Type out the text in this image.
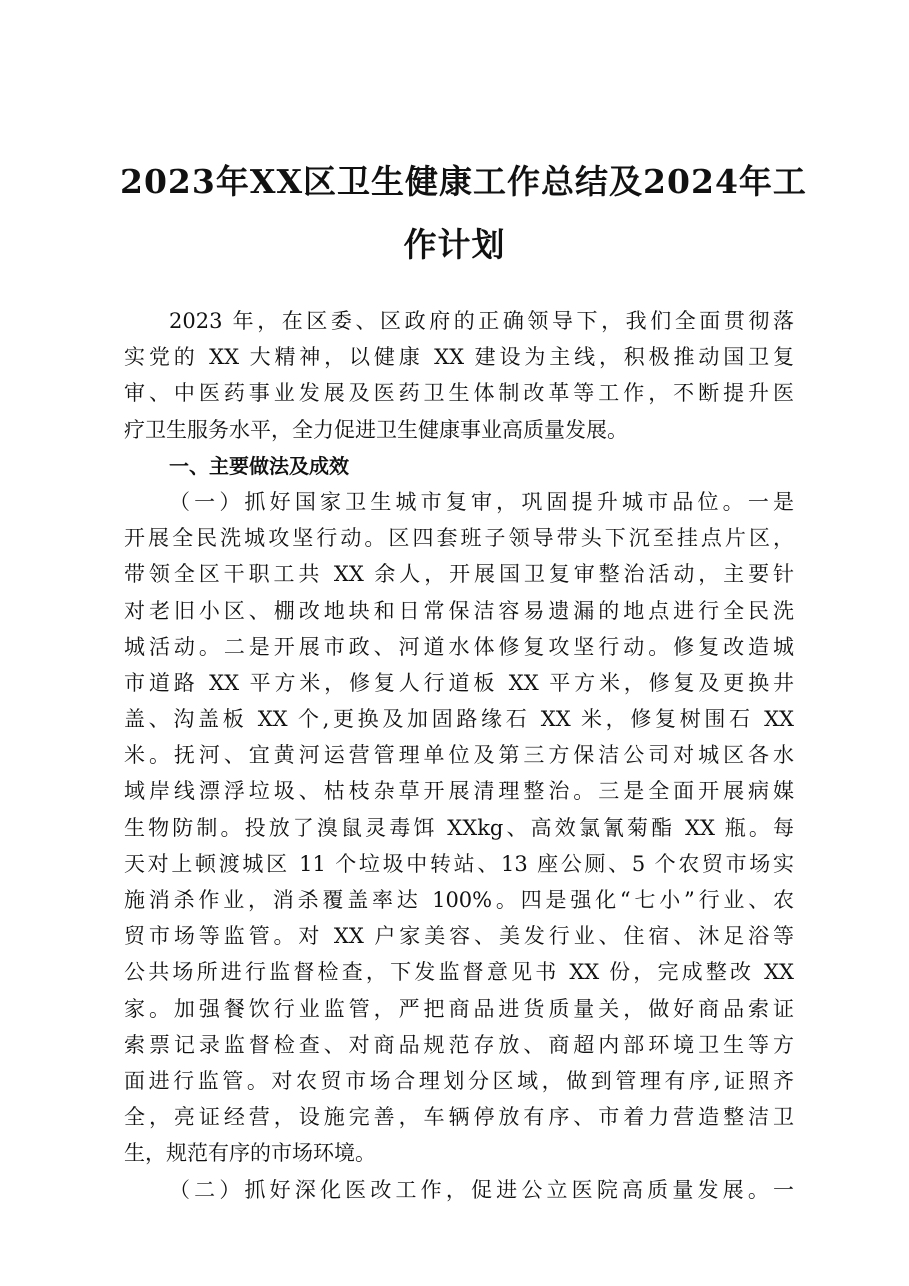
2023年XX区卫生健康工作总结及2024年工
作计划
2023 年，在区委、区政府的正确领导下，我们全面贯彻落
实党的 XX 大精神，以健康 XX 建设为主线，积极推动国卫复
审、中医药事业发展及医药卫生体制改革等工作，不断提升医
疗卫生服务水平，全力促进卫生健康事业高质量发展。
一、主要做法及成效
（一）抓好国家卫生城市复审，巩固提升城市品位。一是
开展全民洗城攻坚行动。区四套班子领导带头下沉至挂点片区，
带领全区干职工共 XX 余人，开展国卫复审整治活动，主要针
对老旧小区、棚改地块和日常保洁容易遗漏的地点进行全民洗
城活动。二是开展市政、河道水体修复攻坚行动。修复改造城
市道路 XX 平方米，修复人行道板 XX 平方米，修复及更换井
盖、沟盖板 XX 个,更换及加固路缘石 XX 米，修复树围石 XX
米。抚河、宜黄河运营管理单位及第三方保洁公司对城区各水
域岸线漂浮垃圾、枯枝杂草开展清理整治。三是全面开展病媒
生物防制。投放了溴鼠灵毒饵 XXkg、高效氯氰菊酯 XX 瓶。每
天对上顿渡城区 11 个垃圾中转站、13 座公厕、5 个农贸市场实
施消杀作业，消杀覆盖率达 100%。四是强化“七小”行业、农
贸市场等监管。对 XX 户家美容、美发行业、住宿、沐足浴等
公共场所进行监督检查，下发监督意见书 XX 份，完成整改 XX
家。加强餐饮行业监管，严把商品进货质量关，做好商品索证
索票记录监督检查、对商品规范存放、商超内部环境卫生等方
面进行监管。对农贸市场合理划分区域，做到管理有序,证照齐
全，亮证经营，设施完善，车辆停放有序、市着力营造整洁卫
生，规范有序的市场环境。
（二）抓好深化医改工作，促进公立医院高质量发展。一
